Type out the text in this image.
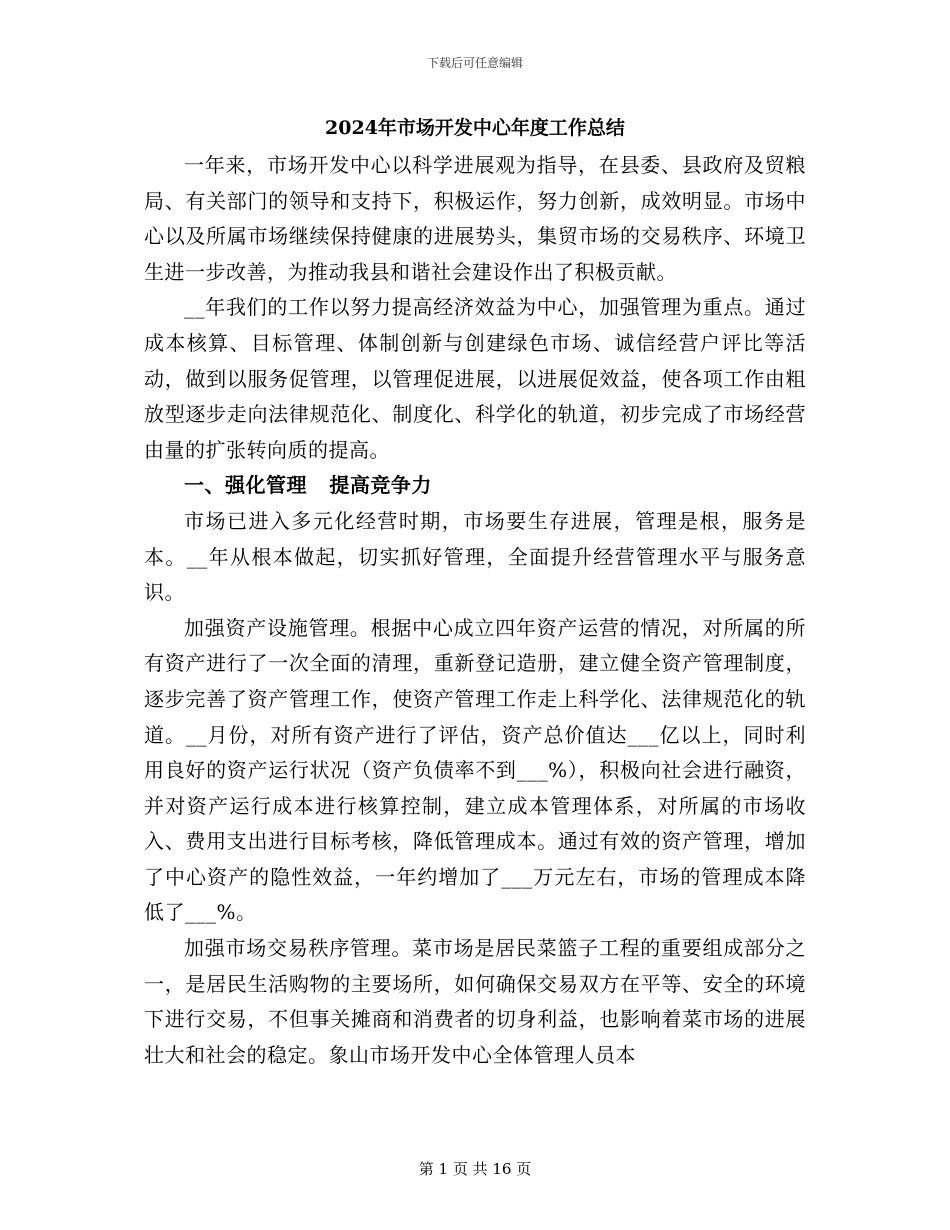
下载后可任意编辑
2024年市场开发中心年度工作总结

一年来，市场开发中心以科学进展观为指导，在县委、县政府及贸粮局、有关部门的领导和支持下，积极运作，努力创新，成效明显。市场中心以及所属市场继续保持健康的进展势头，集贸市场的交易秩序、环境卫生进一步改善，为推动我县和谐社会建设作出了积极贡献。

__年我们的工作以努力提高经济效益为中心，加强管理为重点。通过成本核算、目标管理、体制创新与创建绿色市场、诚信经营户评比等活动，做到以服务促管理，以管理促进展，以进展促效益，使各项工作由粗放型逐步走向法律规范化、制度化、科学化的轨道，初步完成了市场经营由量的扩张转向质的提高。

一、强化管理   提高竞争力

市场已进入多元化经营时期，市场要生存进展，管理是根，服务是本。__年从根本做起，切实抓好管理，全面提升经营管理水平与服务意识。

加强资产设施管理。根据中心成立四年资产运营的情况，对所属的所有资产进行了一次全面的清理，重新登记造册，建立健全资产管理制度，逐步完善了资产管理工作，使资产管理工作走上科学化、法律规范化的轨道。__月份，对所有资产进行了评估，资产总价值达___亿以上，同时利用良好的资产运行状况（资产负债率不到___%），积极向社会进行融资，并对资产运行成本进行核算控制，建立成本管理体系，对所属的市场收入、费用支出进行目标考核，降低管理成本。通过有效的资产管理，增加了中心资产的隐性效益，一年约增加了___万元左右，市场的管理成本降低了___%。

加强市场交易秩序管理。菜市场是居民菜篮子工程的重要组成部分之一，是居民生活购物的主要场所，如何确保交易双方在平等、安全的环境下进行交易，不但事关摊商和消费者的切身利益，也影响着菜市场的进展壮大和社会的稳定。象山市场开发中心全体管理人员本

第 1 页 共 16 页
